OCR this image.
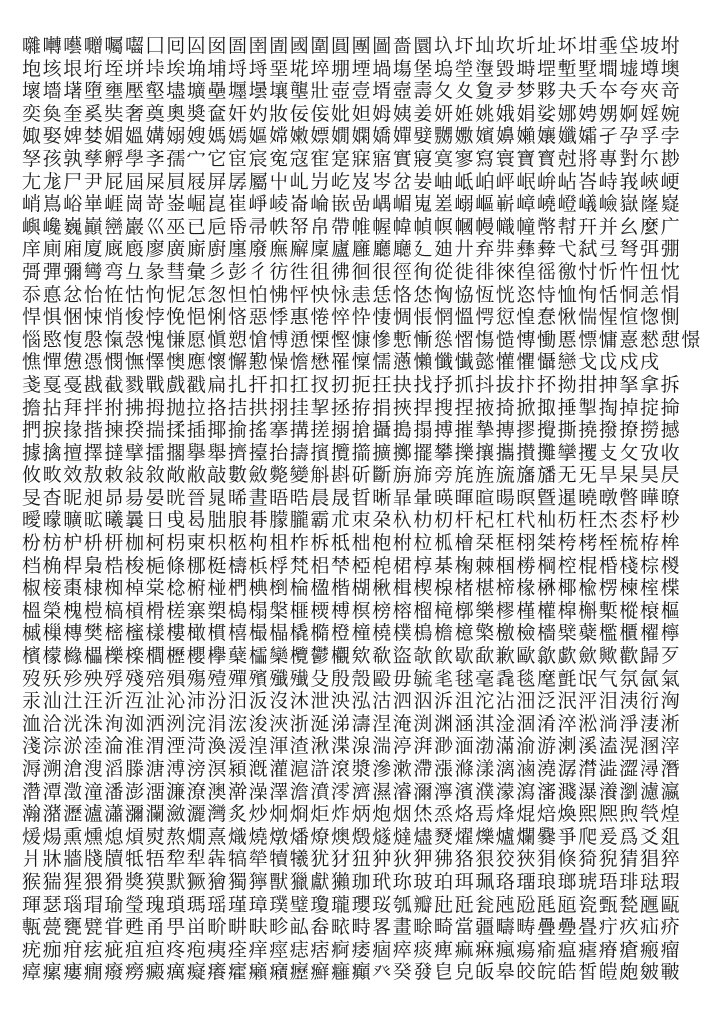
囃囀囈囎囑囓囗囘囜囡圄圉圊國圍圓團圖嗇圜圦圷圸坎圻址坏坩埀垈坡坿
垉垓垠垳垤垪垰埃埆埔埒埓堊埖埣堋堙堝塲堡塢塋塰毀塒堽塹墅墹墟墫墺
壞墻墸墮壅壓壑壗壙壘壥壜壤壟壯壺壹壻壼壽夂夊夐夛梦夥夬夭夲夸夾竒
奕奐奎奚奘奢奠奧奬奩奸妁妝佞侫妣妲姆姨姜妍姙姚娥娟娑娜娉娚婀婬婉
娵娶婢婪媚媼媾嫋嫂媽嫣嫗嫦嫩嫖嫺嫻嬌嬋嬖嬲嫐嬪嬶嬾孃孅孀孑孕孚孛
孥孩孰孳孵學斈孺宀它宦宸寃寇寉寔寐寤實寢寞寥寫寰寶寳尅將專對尓尠
尢尨尸尹屁屆屎屓屐屏孱屬屮乢屶屹岌岑岔妛岫岻岶岼岷峅岾峇峙峩峽峺
峭嶌峪崋崕崗嵜崟崛崑崔崢崚崙崘嵌嵒嵎嵋嵬嵳嵶嶇嶄嶂嶢嶝嶬嶮嶽嶐嶷
嶼巉巍巓巒巖巛巫已巵帋帚帙帑帛帶帷幄幃幀幎幗幔幟幢幤幇幵并幺麼广
庠廁廂廈廐廏廖廣廝廚廛廢廡廨廩廬廱廳廰廴廸廾弃弉彝彜弋弑弖弩弭弸
彁彈彌彎弯彑彖彗彙彡彭彳彷徃徂彿徊很徑徇從徙徘徠徨徭徼忖忻忤忸忱
忝悳忿怡恠怙怐怩怎怱怛怕怫怦怏怺恚恁恪恷恟恊恆恍恣恃恤恂恬恫恙悁
悍惧悃悚悄悛悖悗悒悧悋惡悸惠惓悴忰悽惆悵惘慍愕愆惶惷愀惴惺愃愡惻
惱愍愎慇愾愨愧慊愿愼愬愴愽慂慄慳慷慘慙慚慫慴慯慥慱慟慝慓慵憙憖憇憬
憔憚憊憑憫憮懌懊應懷懈懃懆憺懋罹懍懦懣懶懺懴懿懽懼懾戀戈戉戍戌
戔戛戞戡截戮戰戲戳扁扎扞扣扛扠扨扼抂抉找抒抓抖拔抃抔拗拑抻拏拿拆
擔拈拜拌拊拂拇抛拉挌拮拱挧挂挈拯拵捐挾捍搜捏掖掎掀掫捶掣掏掉掟掵
捫捩掾揩揀揆揣揉插揶揄搖搴搆搓搦搶攝搗搨搏摧摯摶摎攪撕撓撥撩撈撼
據擒擅擇撻擘擂擱擧舉擠擡抬擣擯攬擶擴擲擺攀擽攘攜攅攤攣攫攴攵攷收
攸畋效敖敕敍敘敞敝敲數斂斃變斛斟斫斷旃旆旁旄旌旒旛旙无旡旱杲昊昃
旻杳昵昶昴昜晏晄晉晁晞晝晤晧晨晟晢晰暃暈暎暉暄暘暝曁暹曉暾暼曄暸
曖曚曠昿曦曩日曵曷朏朖朞朦朧霸朮朿朶杁朸朷杆杞杠杙杣杤枉杰枩杼杪
枌枋枦枡枅枷柯枴柬枳柩枸柤柞柝柢柮枹柎柆柧檜栞框栩桀桍栲桎梳栫桙
档桷桿梟梏梭梔條梛梃檮梹桴梵梠梺椏梍桾椁棊椈棘椢椦棡椌棍棔棧棕椶
椒椄棗棣椥棹棠棯椨椪椚椣椡棆楹楷楜楸楫楔楾楮椹楴椽楙椰楡楞楝榁楪
榲榮槐榿槁槓榾槎寨槊槝榻槃榧樮榑榠榜榕榴槞槨樂樛槿權槹槲槧樅榱樞
槭樔槫樊樒櫁樣樓橄樌橲樶橸橇橢橙橦橈樸樢檐檍檠檄檢檣檗蘗檻櫃櫂檸
檳檬櫞櫑櫟檪櫚櫪櫻欅蘖櫺欒欖鬱欟欸欷盜欹飮歇歃歉歐歙歔歛歟歡歸歹
歿殀殄殃殍殘殕殞殤殪殫殯殲殱殳殷殼毆毋毓毟毬毫毳毯麾氈氓气氛氤氣
汞汕汢汪沂沍沚沁沛汾汨汳沒沐泄泱泓沽泗泅泝沮沱沾沺泛泯泙泪洟衍洶
洫洽洸洙洵洳洒洌浣涓浤浚浹浙涎涕濤涅淹渕渊涵淇淦涸淆淬淞淌淨淒淅
淺淙淤淕淪淮渭湮渮渙湲湟渾渣湫渫湶湍渟湃渺湎渤滿渝游溂溪溘滉溷滓
溽溯滄溲滔滕溏溥滂溟潁漑灌滬滸滾漿滲漱滯漲滌漾漓滷澆潺潸澁澀潯潛
濳潭澂潼潘澎澑濂潦澳澣澡澤澹濆澪濟濕濬濔濘濱濮濛瀉瀋濺瀑瀁瀏濾瀛
瀚潴瀝瀘瀟瀰瀾瀲灑灣炙炒炯烱炬炸炳炮烟烋烝烙焉烽焜焙煥煕熈煦煢煌
煖煬熏燻熄熕熨熬燗熹熾燒燉燔燎燠燬燧燵燼燹燿爍爐爛爨爭爬爰爲爻爼
爿牀牆牋牘牴牾犂犁犇犒犖犢犧犹犲狃狆狄狎狒狢狠狡狹狷倏猗猊猜猖猝
猴猯猩猥猾獎獏默獗獪獨獰獸獵獻獺珈玳珎玻珀珥珮珞璢琅瑯琥珸琲琺瑕
琿瑟瑙瑁瑜瑩瑰瑣瑪瑶瑾璋璞璧瓊瓏瓔珱瓠瓣瓧瓩瓮瓲瓰瓱瓸瓷甄甃甅甌
甎甍甕甓甞甦甬甼畄畍畊畉畛畆畚畩畤畧畫畭畸當疆疇畴疊疉疂疔疚疝疥
疣痂疳痃疵疽疸疼疱痍痊痒痙痣痞痾痿痼瘁痰痺痲痳瘋瘍瘉瘟瘧瘠瘡瘢瘤
瘴瘰瘻癇癈癆癜癘癡癢癨癩癪癧癬癰癲癶癸發皀皃皈皋皎皖皓皙皚皰皴皸
